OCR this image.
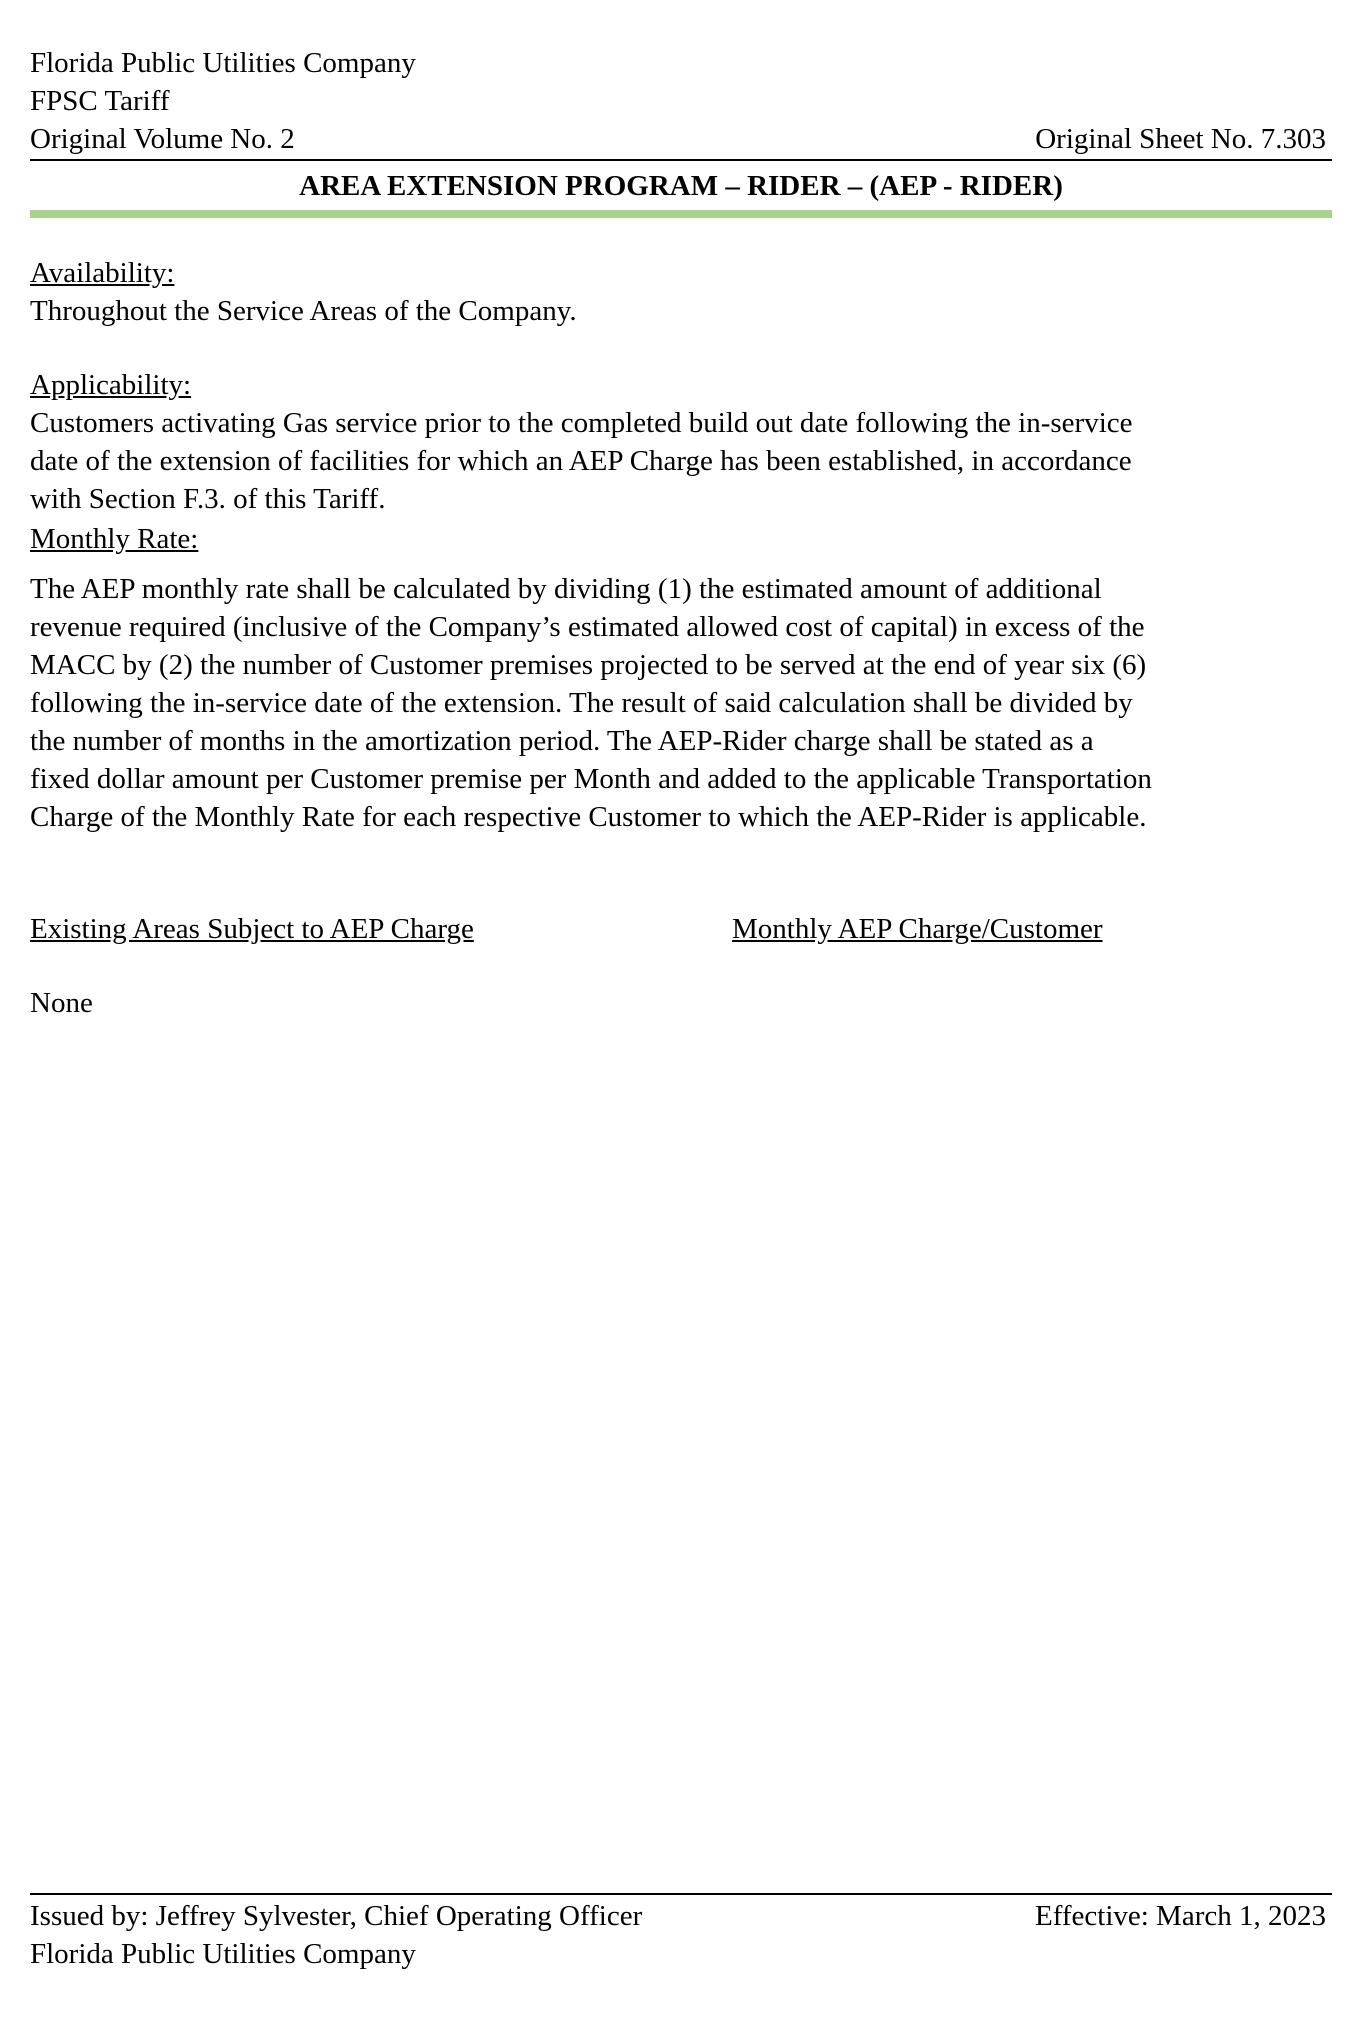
Florida Public Utilities Company
FPSC Tariff
Original Volume No. 2	Original Sheet No. 7.303
AREA EXTENSION PROGRAM – RIDER – (AEP - RIDER)
Availability:

Throughout the Service Areas of the Company.

Applicability:
Customers activating Gas service prior to the completed build out date following the in-service
date of the extension of facilities for which an AEP Charge has been established, in accordance
with Section F.3. of this Tariff.
Monthly Rate:
The AEP monthly rate shall be calculated by dividing (1) the estimated amount of additional
revenue required (inclusive of the Company’s estimated allowed cost of capital) in excess of the
MACC by (2) the number of Customer premises projected to be served at the end of year six (6)
following the in-service date of the extension. The result of said calculation shall be divided by
the number of months in the amortization period. The AEP-Rider charge shall be stated as a
fixed dollar amount per Customer premise per Month and added to the applicable Transportation
Charge of the Monthly Rate for each respective Customer to which the AEP-Rider is applicable.
Existing Areas Subject to AEP Charge	Monthly AEP Charge/Customer
None
Issued by: Jeffrey Sylvester, Chief Operating Officer	Effective: March 1, 2023
Florida Public Utilities Company
